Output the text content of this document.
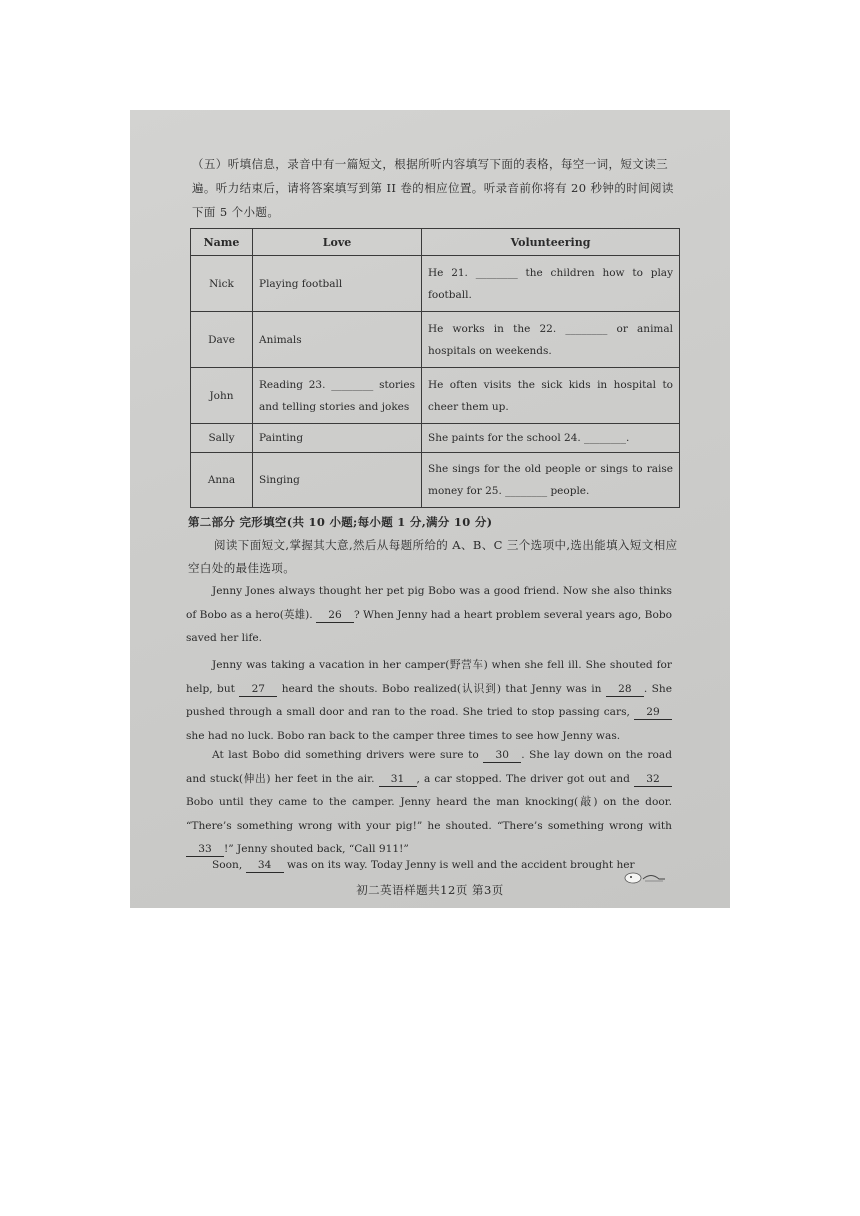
（五）听填信息，录音中有一篇短文，根据所听内容填写下面的表格，每空一词，短文读三遍。听力结束后，请将答案填写到第 II 卷的相应位置。听录音前你将有 20 秒钟的时间阅读下面 5 个小题。
Name	Love	Volunteering
Nick	Playing football	He 21. ________ the children how to play football.
Dave	Animals	He works in the 22. ________ or animal hospitals on weekends.
John	Reading 23. ________ stories and telling stories and jokes	He often visits the sick kids in hospital to cheer them up.
Sally	Painting	She paints for the school 24. ________.
Anna	Singing	She sings for the old people or sings to raise money for 25. ________ people.
第二部分 完形填空(共 10 小题;每小题 1 分,满分 10 分)
阅读下面短文,掌握其大意,然后从每题所给的 A、B、C 三个选项中,选出能填入短文相应空白处的最佳选项。
Jenny Jones always thought her pet pig Bobo was a good friend. Now she also thinks of Bobo as a hero(英雄). 26 ? When Jenny had a heart problem several years ago, Bobo saved her life.
Jenny was taking a vacation in her camper(野营车) when she fell ill. She shouted for help, but 27 heard the shouts. Bobo realized(认识到) that Jenny was in 28 . She pushed through a small door and ran to the road. She tried to stop passing cars, 29 she had no luck. Bobo ran back to the camper three times to see how Jenny was.
At last Bobo did something drivers were sure to 30 . She lay down on the road and stuck(伸出) her feet in the air. 31 , a car stopped. The driver got out and 32 Bobo until they came to the camper. Jenny heard the man knocking(敲) on the door. “There’s something wrong with your pig!” he shouted. “There’s something wrong with 33 !” Jenny shouted back, “Call 911!”
Soon, 34 was on its way. Today Jenny is well and the accident brought her
初二英语样题共12页 第3页
